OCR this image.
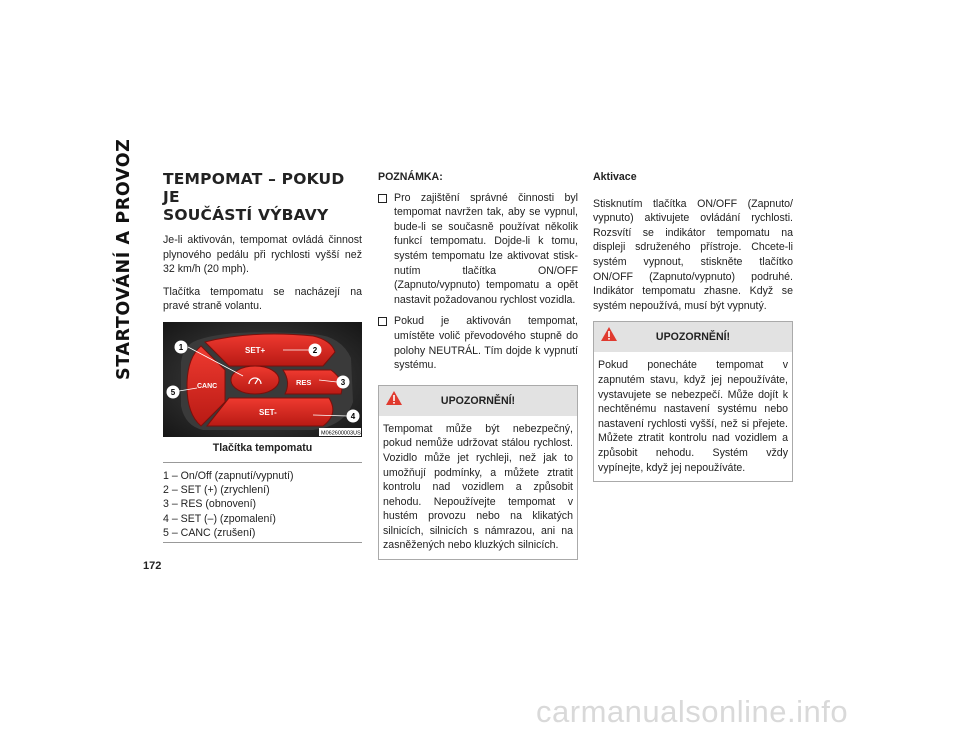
STARTOVÁNÍ A PROVOZ
172
TEMPOMAT – POKUD JE
SOUČÁSTÍ VÝBAVY

Je-li aktivován, tempomat ovládá činnost plynového pedálu při rychlosti vyšší než 32 km/h (20 mph).

Tlačítka tempomatu se nacházejí na pravé straně volantu.

SET+
RES
CANC
SET-
1	2
3
4
5
M062600003US
Tlačítka tempomatu
1 – On/Off (zapnutí/vypnutí)
2 – SET (+) (zrychlení)
3 – RES (obnovení)
4 – SET (–) (zpomalení)
5 – CANC (zrušení)
POZNÁMKA:
Pro zajištění správné činnosti byl tempomat navržen tak, aby se vypnul, bude-li se současně používat několik funkcí tempomatu. Dojde-li k tomu, systém tempomatu lze aktivovat stisk-nutím tlačítka ON/OFF (Zapnuto/vypnuto) tempomatu a opět nastavit požadovanou rychlost vozidla.
Pokud je aktivován tempomat, umístěte volič převodového stupně do polohy NEUTRÁL. Tím dojde k vypnutí systému.
UPOZORNĚNÍ!
Tempomat může být nebezpečný, pokud nemůže udržovat stálou rychlost. Vozidlo může jet rychleji, než jak to umožňují podmínky, a můžete ztratit kontrolu nad vozidlem a způsobit nehodu. Nepoužívejte tempomat v hustém provozu nebo na klikatých silnicích, silnicích s námrazou, ani na zasněžených nebo kluzkých silnicích.
Aktivace

Stisknutím tlačítka ON/OFF (Zapnuto/ vypnuto) aktivujete ovládání rychlosti. Rozsvítí se indikátor tempomatu na displeji sdruženého přístroje. Chcete-li systém vypnout, stiskněte tlačítko ON/OFF (Zapnuto/vypnuto) podruhé. Indikátor tempomatu zhasne. Když se systém nepoužívá, musí být vypnutý.

UPOZORNĚNÍ!
Pokud ponecháte tempomat v zapnutém stavu, když jej nepoužíváte, vystavujete se nebezpečí. Může dojít k nechtěnému nastavení systému nebo nastavení rychlosti vyšší, než si přejete. Můžete ztratit kontrolu nad vozidlem a způsobit nehodu. Systém vždy vypínejte, když jej nepoužíváte.
carmanualsonline.info
